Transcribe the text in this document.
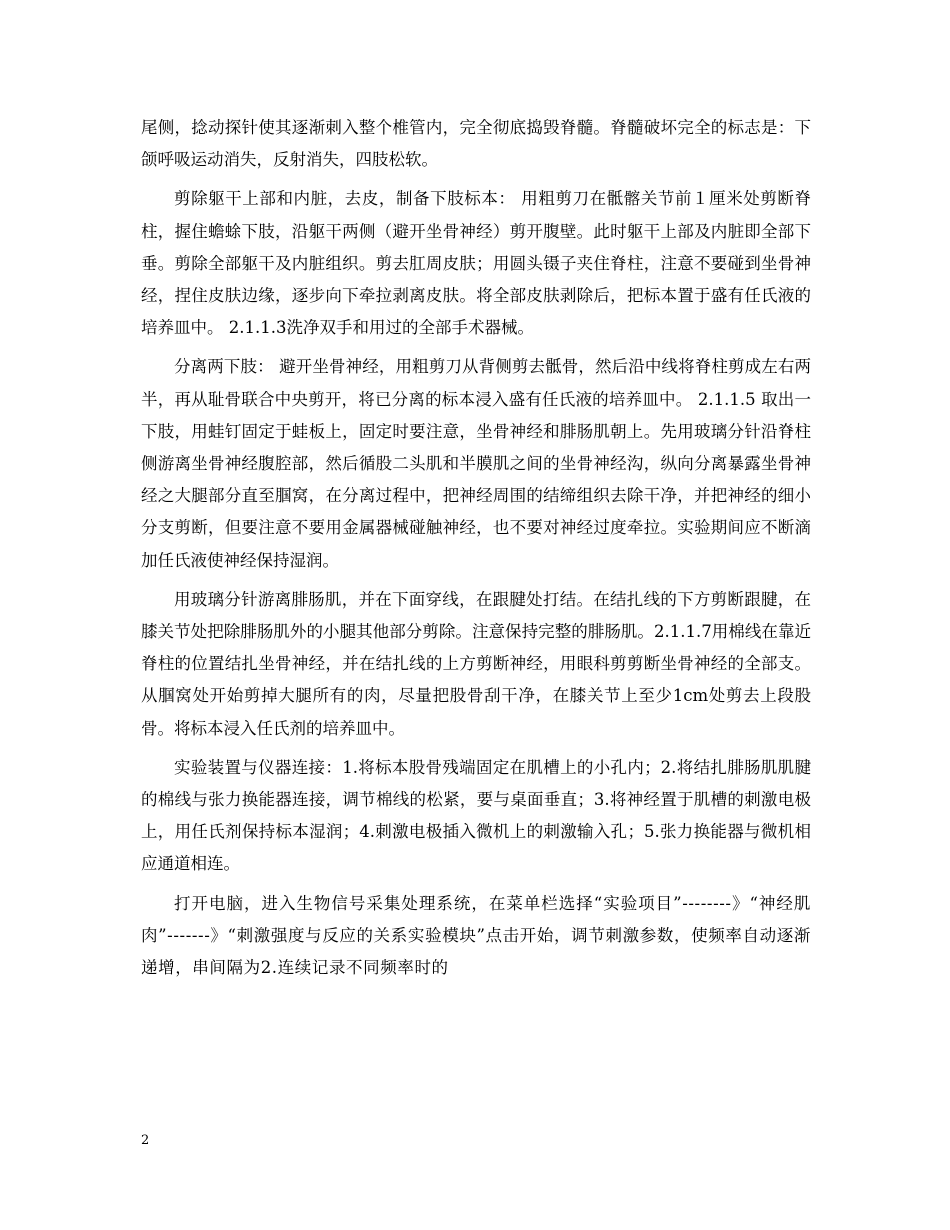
尾侧，捻动探针使其逐渐刺入整个椎管内，完全彻底捣毁脊髓。脊髓破坏完全的标志是：下颌呼吸运动消失，反射消失，四肢松软。

剪除躯干上部和内脏，去皮，制备下肢标本： 用粗剪刀在骶髂关节前１厘米处剪断脊柱，握住蟾蜍下肢，沿躯干两侧（避开坐骨神经）剪开腹壁。此时躯干上部及内脏即全部下垂。剪除全部躯干及内脏组织。剪去肛周皮肤；用圆头镊子夹住脊柱，注意不要碰到坐骨神经，捏住皮肤边缘，逐步向下牵拉剥离皮肤。将全部皮肤剥除后，把标本置于盛有任氏液的培养皿中。 2.1.1.3洗净双手和用过的全部手术器械。

分离两下肢： 避开坐骨神经，用粗剪刀从背侧剪去骶骨，然后沿中线将脊柱剪成左右两半，再从耻骨联合中央剪开，将已分离的标本浸入盛有任氏液的培养皿中。 2.1.1.5 取出一下肢，用蛙钉固定于蛙板上，固定时要注意，坐骨神经和腓肠肌朝上。先用玻璃分针沿脊柱侧游离坐骨神经腹腔部，然后循股二头肌和半膜肌之间的坐骨神经沟，纵向分离暴露坐骨神经之大腿部分直至腘窝，在分离过程中，把神经周围的结缔组织去除干净，并把神经的细小分支剪断，但要注意不要用金属器械碰触神经，也不要对神经过度牵拉。实验期间应不断滴加任氏液使神经保持湿润。

用玻璃分针游离腓肠肌，并在下面穿线，在跟腱处打结。在结扎线的下方剪断跟腱，在膝关节处把除腓肠肌外的小腿其他部分剪除。注意保持完整的腓肠肌。2.1.1.7用棉线在靠近脊柱的位置结扎坐骨神经，并在结扎线的上方剪断神经，用眼科剪剪断坐骨神经的全部支。从腘窝处开始剪掉大腿所有的肉，尽量把股骨刮干净，在膝关节上至少1cm处剪去上段股骨。将标本浸入任氏剂的培养皿中。

实验装置与仪器连接：1.将标本股骨残端固定在肌槽上的小孔内；2.将结扎腓肠肌肌腱的棉线与张力换能器连接，调节棉线的松紧，要与桌面垂直；3.将神经置于肌槽的刺激电极上，用任氏剂保持标本湿润；4.刺激电极插入微机上的刺激输入孔；5.张力换能器与微机相应通道相连。

打开电脑，进入生物信号采集处理系统，在菜单栏选择“实验项目”--------》“神经肌肉”-------》“刺激强度与反应的关系实验模块”点击开始，调节刺激参数，使频率自动逐渐递增，串间隔为2.连续记录不同频率时的

2
